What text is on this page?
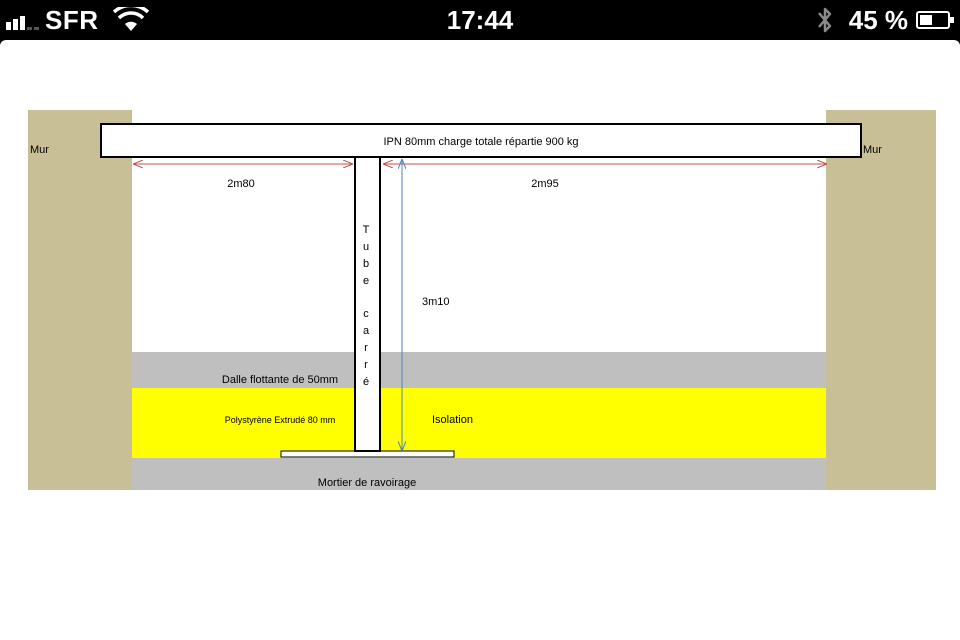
SFR	17:44	45 %
IPN 80mm charge totale répartie 900 kg
Mur	Mur
2m80	2m95
3m10
T
u
b
e
c
a
r
r
é
Dalle flottante de 50mm
Polystyrène Extrudé 80 mm	Isolation
Mortier de ravoirage
